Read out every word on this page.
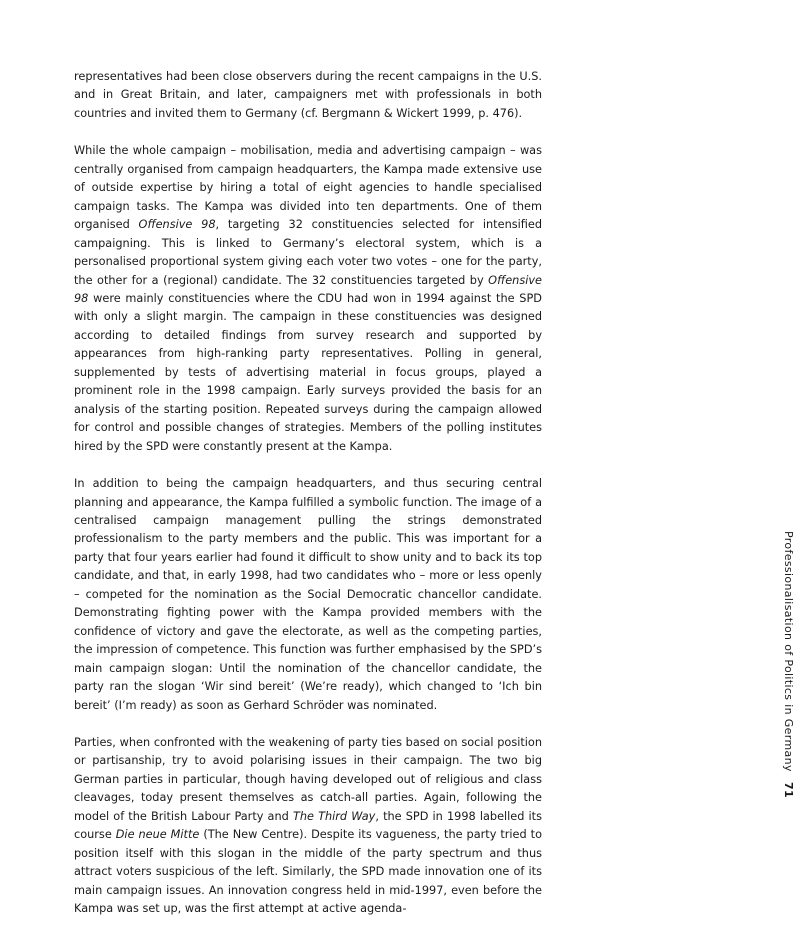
representatives had been close observers during the recent campaigns in the U.S. and in Great Britain, and later, campaigners met with professionals in both countries and invited them to Germany (cf. Bergmann & Wickert 1999, p. 476).

While the whole campaign – mobilisation, media and advertising campaign – was centrally organised from campaign headquarters, the Kampa made extensive use of outside expertise by hiring a total of eight agencies to handle specialised campaign tasks. The Kampa was divided into ten departments. One of them organised Offensive 98, targeting 32 constituencies selected for intensified campaigning. This is linked to Germany’s electoral system, which is a personalised proportional system giving each voter two votes – one for the party, the other for a (regional) candidate. The 32 constituencies targeted by Offensive 98 were mainly constituencies where the CDU had won in 1994 against the SPD with only a slight margin. The campaign in these constituencies was designed according to detailed findings from survey research and supported by appearances from high-ranking party representatives. Polling in general, supplemented by tests of advertising material in focus groups, played a prominent role in the 1998 campaign. Early surveys provided the basis for an analysis of the starting position. Repeated surveys during the campaign allowed for control and possible changes of strategies. Members of the polling institutes hired by the SPD were constantly present at the Kampa.

In addition to being the campaign headquarters, and thus securing central planning and appearance, the Kampa fulfilled a symbolic function. The image of a centralised campaign management pulling the strings demonstrated professionalism to the party members and the public. This was important for a party that four years earlier had found it difficult to show unity and to back its top candidate, and that, in early 1998, had two candidates who – more or less openly – competed for the nomination as the Social Democratic chancellor candidate. Demonstrating fighting power with the Kampa provided members with the confidence of victory and gave the electorate, as well as the competing parties, the impression of competence. This function was further emphasised by the SPD’s main campaign slogan: Until the nomination of the chancellor candidate, the party ran the slogan ‘Wir sind bereit’ (We’re ready), which changed to ‘Ich bin bereit’ (I’m ready) as soon as Gerhard Schröder was nominated.

Parties, when confronted with the weakening of party ties based on social position or partisanship, try to avoid polarising issues in their campaign. The two big German parties in particular, though having developed out of religious and class cleavages, today present themselves as catch-all parties. Again, following the model of the British Labour Party and The Third Way, the SPD in 1998 labelled its course Die neue Mitte (The New Centre). Despite its vagueness, the party tried to position itself with this slogan in the middle of the party spectrum and thus attract voters suspicious of the left. Similarly, the SPD made innovation one of its main campaign issues. An innovation congress held in mid-1997, even before the Kampa was set up, was the first attempt at active agenda-

Professionalisation of Politics in Germany 71
